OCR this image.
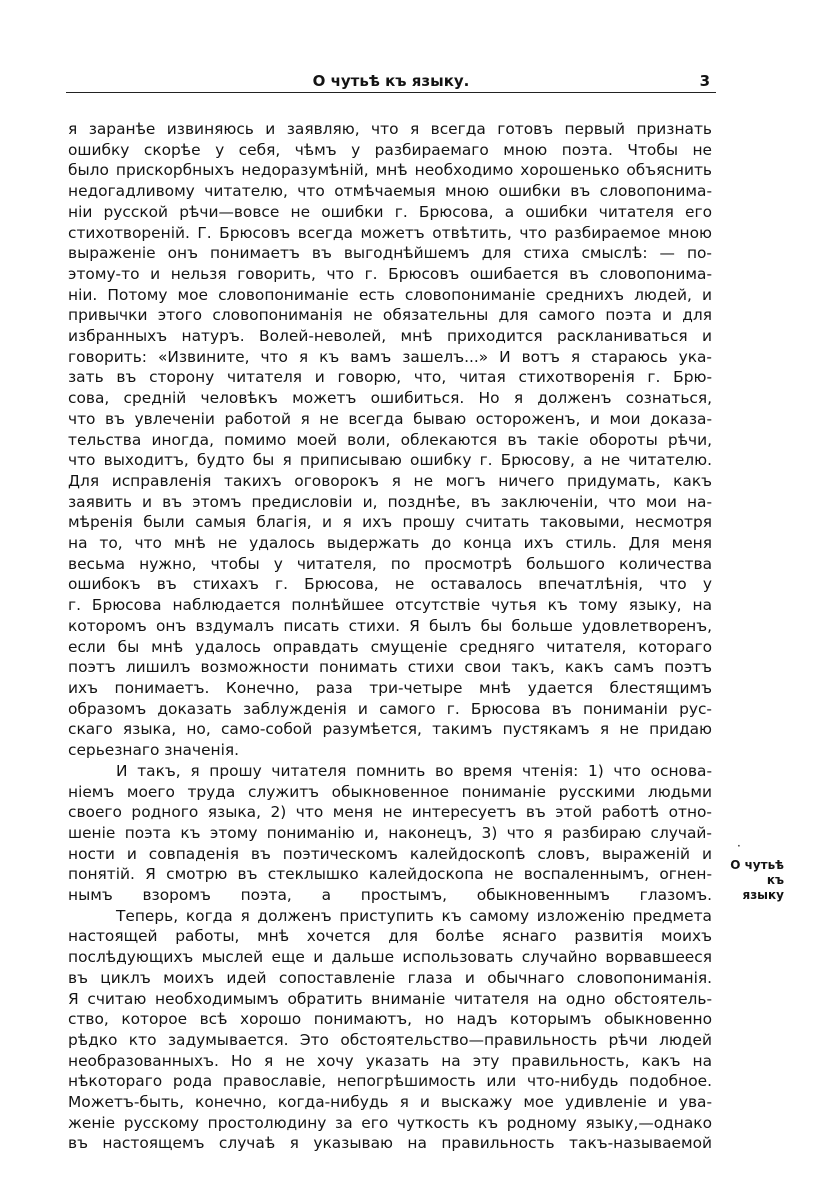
О чутьѣ къ языку.	3
я заранѣе извиняюсь и заявляю, что я всегда готовъ первый признать
ошибку скорѣе у себя, чѣмъ у разбираемаго мною поэта. Чтобы не
было прискорбныхъ недоразумѣній, мнѣ необходимо хорошенько объяснить
недогадливому читателю, что отмѣчаемыя мною ошибки въ словопонима-
ніи русской рѣчи—вовсе не ошибки г. Брюсова, а ошибки читателя его
стихотвореній. Г. Брюсовъ всегда можетъ отвѣтить, что разбираемое мною
выраженіе онъ понимаетъ въ выгоднѣйшемъ для стиха смыслѣ: — по-
этому-то и нельзя говорить, что г. Брюсовъ ошибается въ словопонима-
ніи. Потому мое словопониманіе есть словопониманіе среднихъ людей, и
привычки этого словопониманія не обязательны для самого поэта и для
избранныхъ натуръ. Волей-неволей, мнѣ приходится раскланиваться и
говорить: «Извините, что я къ вамъ зашелъ...» И вотъ я стараюсь ука-
зать въ сторону читателя и говорю, что, читая стихотворенія г. Брю-
сова, средній человѣкъ можетъ ошибиться. Но я долженъ сознаться,
что въ увлеченіи работой я не всегда бываю остороженъ, и мои доказа-
тельства иногда, помимо моей воли, облекаются въ такіе обороты рѣчи,
что выходитъ, будто бы я приписываю ошибку г. Брюсову, а не читателю.
Для исправленія такихъ оговорокъ я не могъ ничего придумать, какъ
заявить и въ этомъ предисловіи и, позднѣе, въ заключеніи, что мои на-
мѣренія были самыя благія, и я ихъ прошу считать таковыми, несмотря
на то, что мнѣ не удалось выдержать до конца ихъ стиль. Для меня
весьма нужно, чтобы у читателя, по просмотрѣ большого количества
ошибокъ въ стихахъ г. Брюсова, не оставалось впечатлѣнія, что у
г. Брюсова наблюдается полнѣйшее отсутствіе чутья къ тому языку, на
которомъ онъ вздумалъ писать стихи. Я былъ бы больше удовлетворенъ,
если бы мнѣ удалось оправдать смущеніе средняго читателя, котораго
поэтъ лишилъ возможности понимать стихи свои такъ, какъ самъ поэтъ
ихъ понимаетъ. Конечно, раза три-четыре мнѣ удается блестящимъ
образомъ доказать заблужденія и самого г. Брюсова въ пониманіи рус-
скаго языка, но, само-собой разумѣется, такимъ пустякамъ я не придаю
серьезнаго значенія.
И такъ, я прошу читателя помнить во время чтенія: 1) что основа-
ніемъ моего труда служитъ обыкновенное пониманіе русскими людьми
своего родного языка, 2) что меня не интересуетъ въ этой работѣ отно-
шеніе поэта къ этому пониманію и, наконецъ, 3) что я разбираю случай-
ности и совпаденія въ поэтическомъ калейдоскопѣ словъ, выраженій и
понятій. Я смотрю въ стеклышко калейдоскопа не воспаленнымъ, огнен-
нымъ взоромъ поэта, а простымъ, обыкновеннымъ глазомъ.
Теперь, когда я долженъ приступить къ самому изложенію предмета
настоящей работы, мнѣ хочется для болѣе яснаго развитія моихъ
послѣдующихъ мыслей еще и дальше использовать случайно ворвавшееся
въ циклъ моихъ идей сопоставленіе глаза и обычнаго словопониманія.
Я считаю необходимымъ обратить вниманіе читателя на одно обстоятель-
ство, которое всѣ хорошо понимаютъ, но надъ которымъ обыкновенно
рѣдко кто задумывается. Это обстоятельство—правильность рѣчи людей
необразованныхъ. Но я не хочу указать на эту правильность, какъ на
нѣкотораго рода православіе, непогрѣшимость или что-нибудь подобное.
Можетъ-быть, конечно, когда-нибудь я и выскажу мое удивленіе и ува-
женіе русскому простолюдину за его чуткость къ родному языку,—однако
въ настоящемъ случаѣ я указываю на правильность такъ-называемой
·
О чутьѣ
къ
языку
